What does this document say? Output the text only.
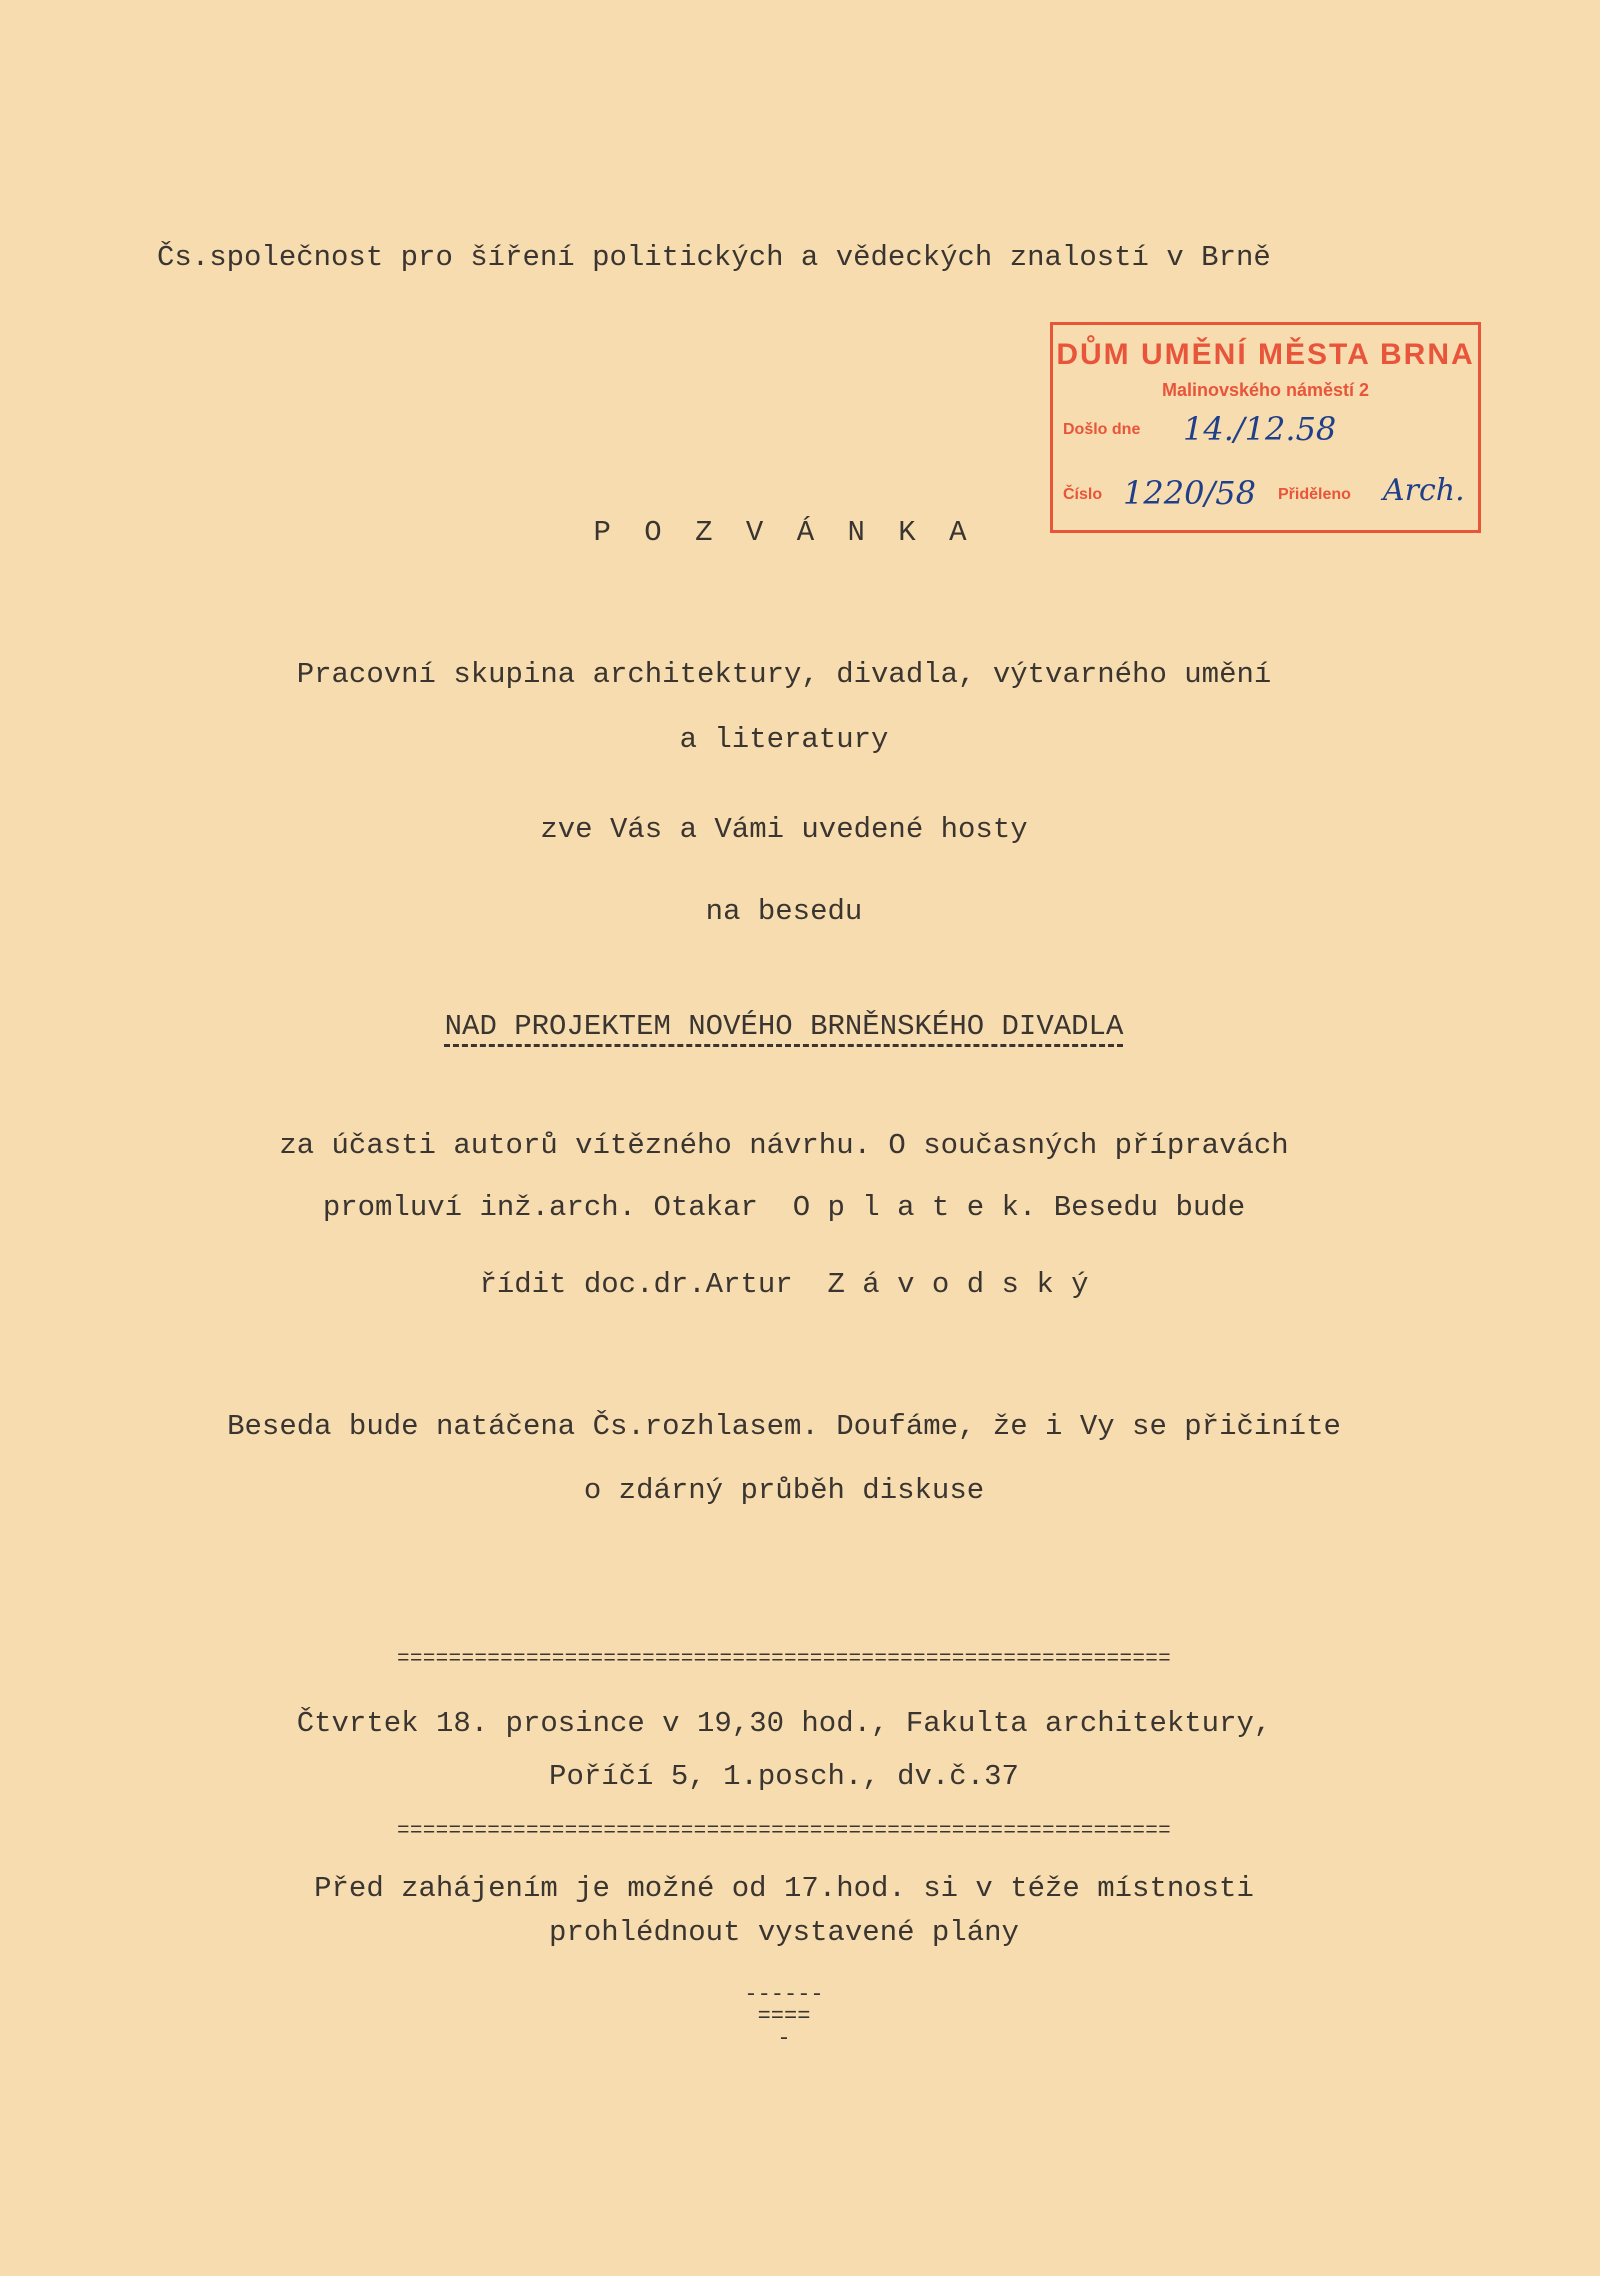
Čs.společnost pro šíření politických a vědeckých znalostí v Brně
DŮM UMĚNÍ MĚSTA BRNA
Malinovského náměstí 2
Došlo dne 14./12.58
Číslo 1220/58 Přiděleno Arch.
P O Z V Á N K A
Pracovní skupina architektury, divadla, výtvarného umění
a literatury
zve Vás a Vámi uvedené hosty
na besedu
NAD PROJEKTEM NOVÉHO BRNĚNSKÉHO DIVADLA
za účasti autorů vítězného návrhu. O současných přípravách
promluví inž.arch. Otakar  O p l a t e k. Besedu bude
řídit doc.dr.Artur  Z á v o d s k ý
Beseda bude natáčena Čs.rozhlasem. Doufáme, že i Vy se přičiníte
o zdárný průběh diskuse
============================================================
Čtvrtek 18. prosince v 19,30 hod., Fakulta architektury,
Poříčí 5, 1.posch., dv.č.37
============================================================
Před zahájením je možné od 17.hod. si v téže místnosti
prohlédnout vystavené plány
------
====
-
